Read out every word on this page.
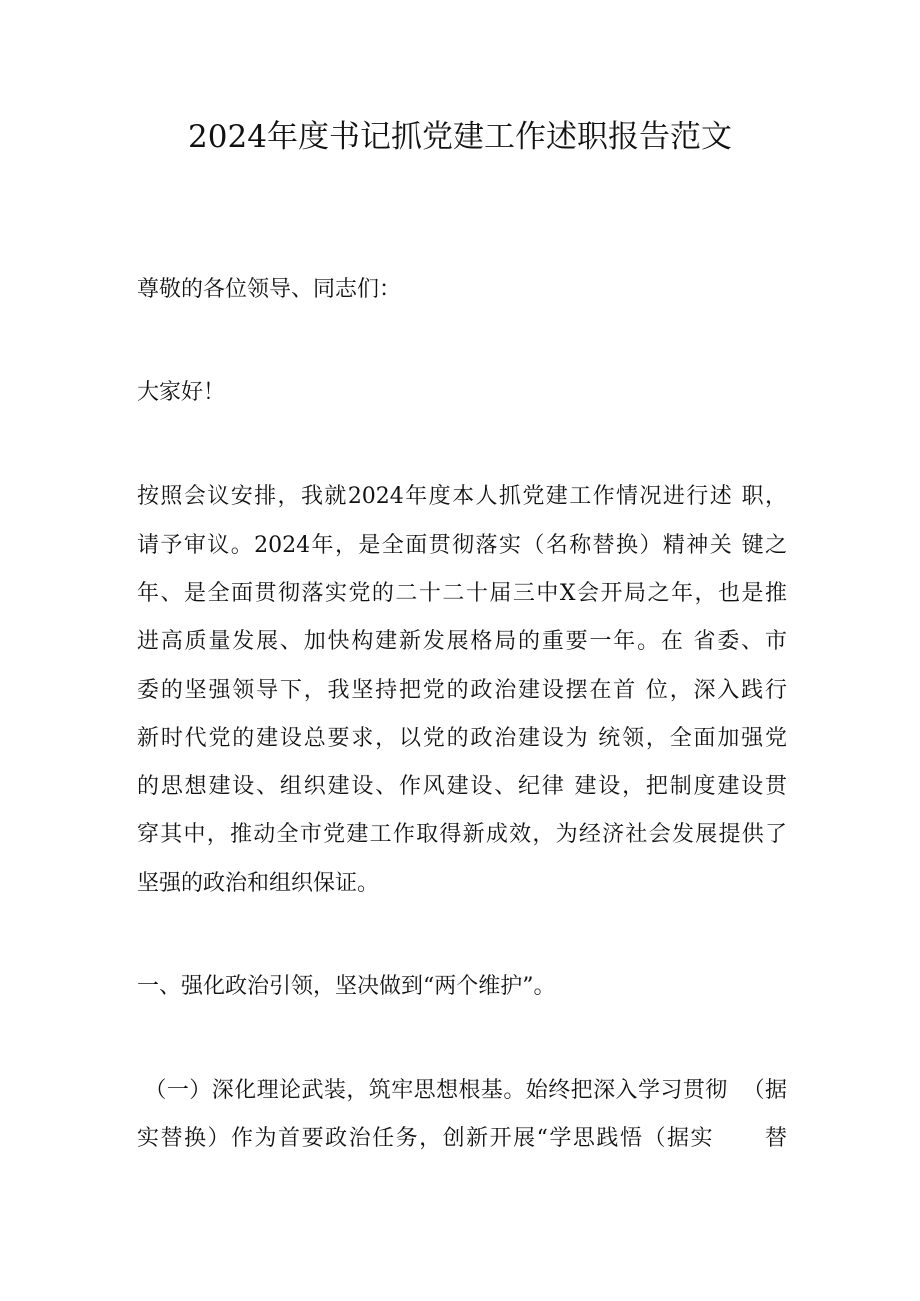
2024年度书记抓党建工作述职报告范文
尊敬的各位领导、同志们：
大家好！
按照会议安排，我就2024年度本人抓党建工作情况进行述 职，
请予审议。2024年，是全面贯彻落实（名称替换）精神关 键之
年、是全面贯彻落实党的二十二十届三中X会开局之年，也是推
进高质量发展、加快构建新发展格局的重要一年。在 省委、市
委的坚强领导下，我坚持把党的政治建设摆在首 位，深入践行
新时代党的建设总要求，以党的政治建设为 统领，全面加强党
的思想建设、组织建设、作风建设、纪律 建设，把制度建设贯
穿其中，推动全市党建工作取得新成效，为经济社会发展提供了
坚强的政治和组织保证。
一、强化政治引领，坚决做到“两个维护”。
（一）深化理论武装，筑牢思想根基。始终把深入学习贯彻  （据
实替换）作为首要政治任务，创新开展“学思践悟（据实      替
